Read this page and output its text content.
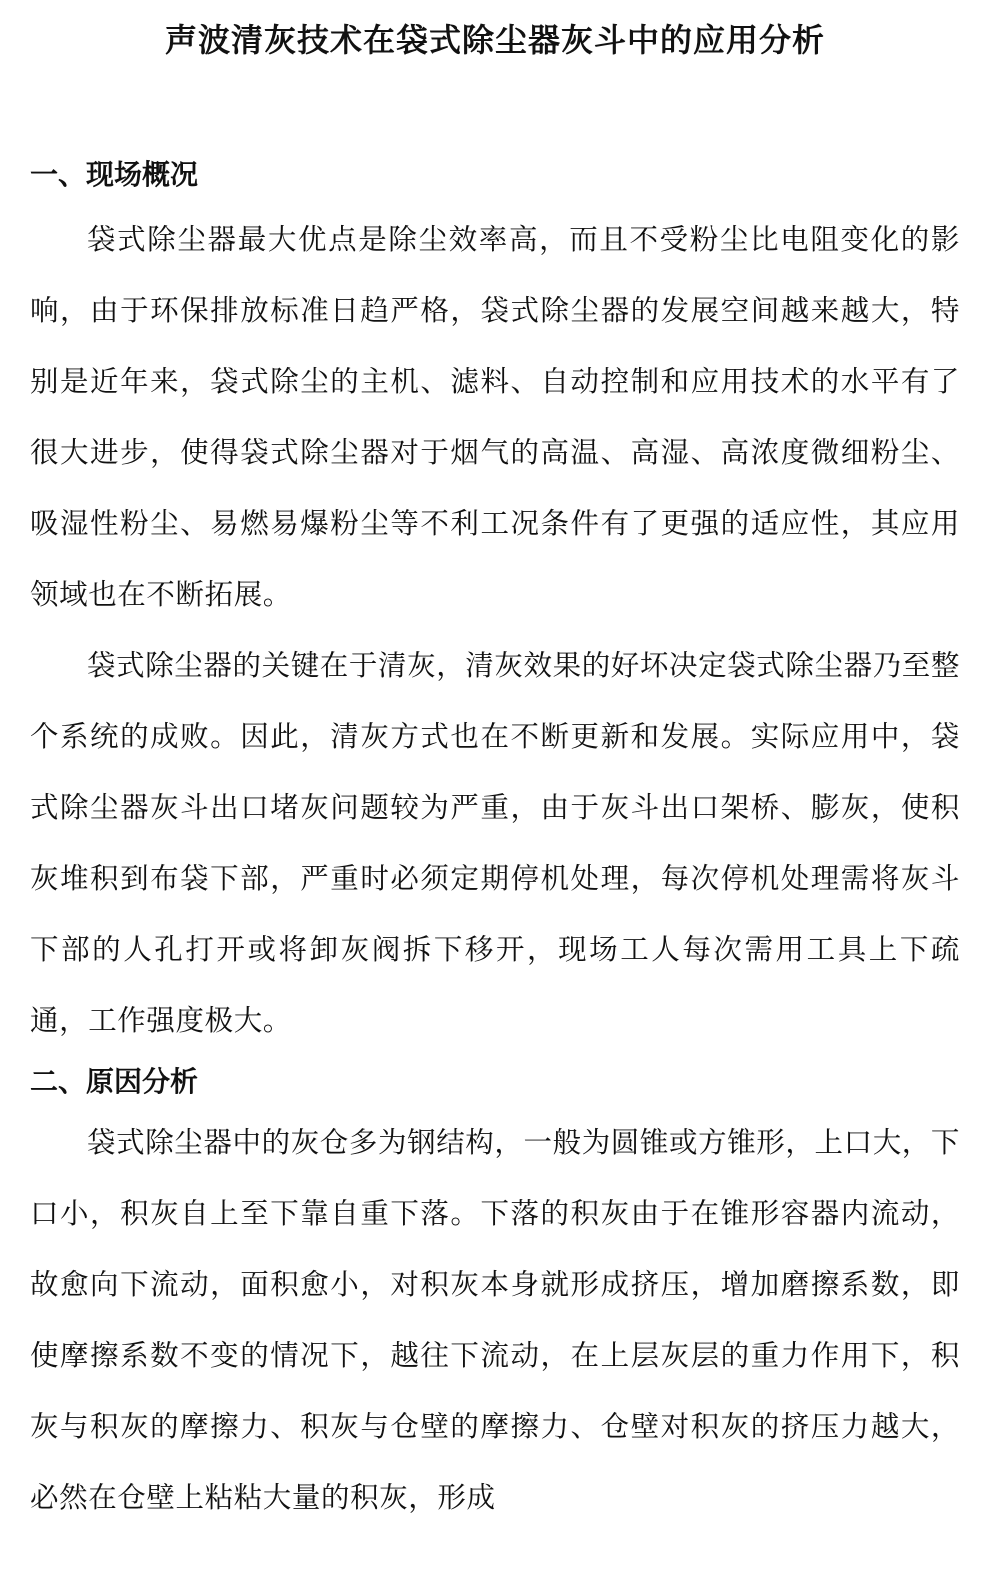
声波清灰技术在袋式除尘器灰斗中的应用分析
一、现场概况

袋式除尘器最大优点是除尘效率高，而且不受粉尘比电阻变化的影响，由于环保排放标准日趋严格，袋式除尘器的发展空间越来越大，特别是近年来，袋式除尘的主机、滤料、自动控制和应用技术的水平有了很大进步，使得袋式除尘器对于烟气的高温、高湿、高浓度微细粉尘、吸湿性粉尘、易燃易爆粉尘等不利工况条件有了更强的适应性，其应用领域也在不断拓展。

袋式除尘器的关键在于清灰，清灰效果的好坏决定袋式除尘器乃至整个系统的成败。因此，清灰方式也在不断更新和发展。实际应用中，袋式除尘器灰斗出口堵灰问题较为严重，由于灰斗出口架桥、膨灰，使积灰堆积到布袋下部，严重时必须定期停机处理，每次停机处理需将灰斗下部的人孔打开或将卸灰阀拆下移开，现场工人每次需用工具上下疏通，工作强度极大。

二、原因分析

袋式除尘器中的灰仓多为钢结构，一般为圆锥或方锥形，上口大，下口小，积灰自上至下靠自重下落。下落的积灰由于在锥形容器内流动，故愈向下流动，面积愈小，对积灰本身就形成挤压，增加磨擦系数，即使摩擦系数不变的情况下，越往下流动，在上层灰层的重力作用下，积灰与积灰的摩擦力、积灰与仓壁的摩擦力、仓壁对积灰的挤压力越大，必然在仓壁上粘粘大量的积灰，形成
